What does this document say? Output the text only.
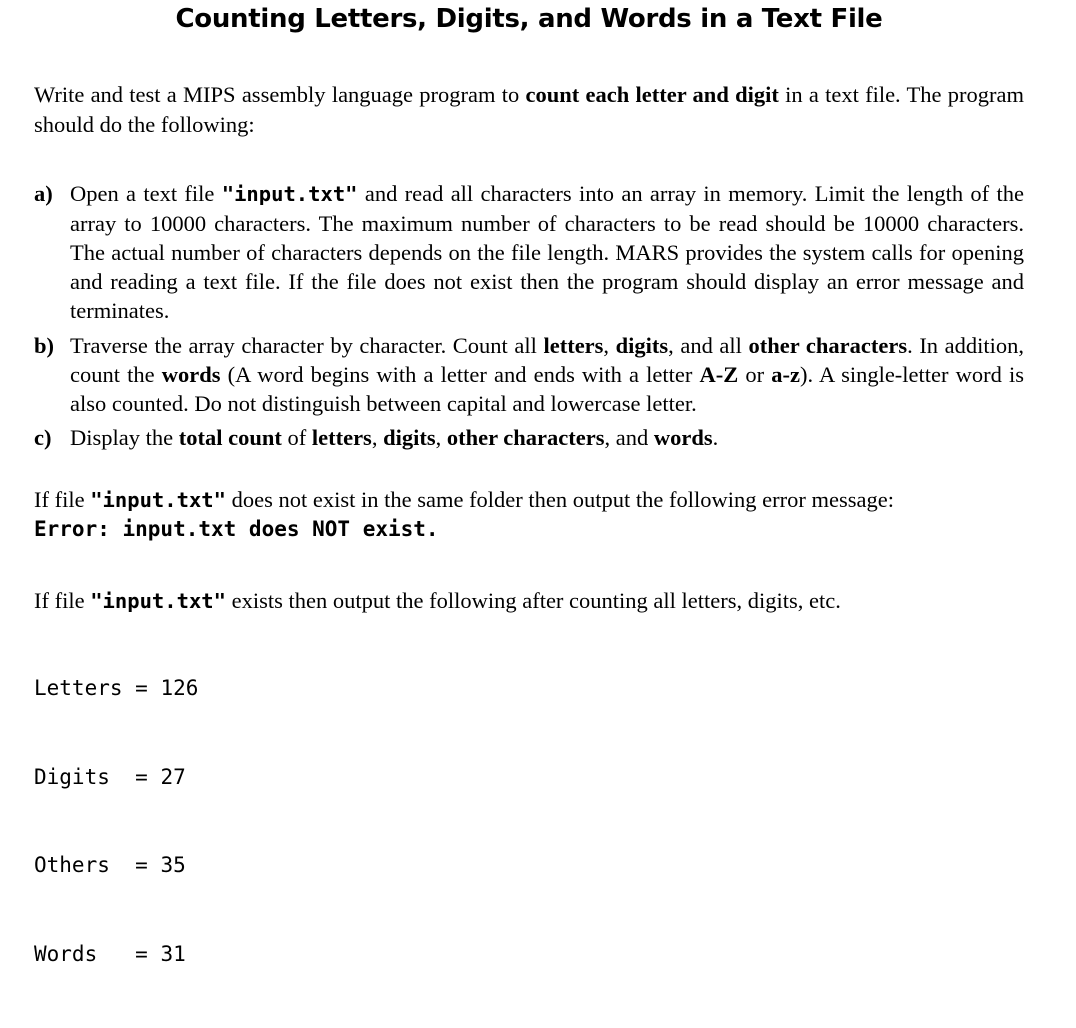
Counting Letters, Digits, and Words in a Text File

Write and test a MIPS assembly language program to count each letter and digit in a text file. The program should do the following:

a) Open a text file "input.txt" and read all characters into an array in memory. Limit the length of the array to 10000 characters. The maximum number of characters to be read should be 10000 characters. The actual number of characters depends on the file length. MARS provides the system calls for opening and reading a text file. If the file does not exist then the program should display an error message and terminates.
b) Traverse the array character by character. Count all letters, digits, and all other characters. In addition, count the words (A word begins with a letter and ends with a letter A-Z or a-z). A single-letter word is also counted. Do not distinguish between capital and lowercase letter.
c) Display the total count of letters, digits, other characters, and words.
If file "input.txt" does not exist in the same folder then output the following error message:
Error: input.txt does NOT exist.
If file "input.txt" exists then output the following after counting all letters, digits, etc.

Letters = 126

Digits  = 27

Others  = 35

Words   = 31
